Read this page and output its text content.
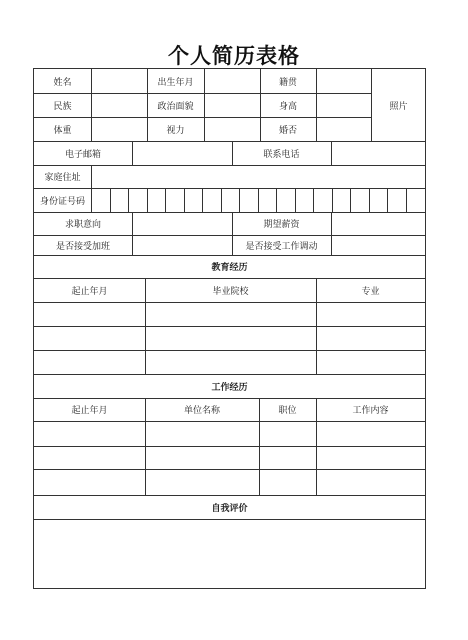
个人简历表格
姓名	出生年月	籍贯
照片
民族	政治面貌	身高
体重	视力	婚否
电子邮箱	联系电话
家庭住址
身份证号码
求职意向	期望薪资
是否接受加班	是否接受工作调动
教育经历
起止年月	毕业院校	专业
工作经历
起止年月	单位名称	职位	工作内容
自我评价
